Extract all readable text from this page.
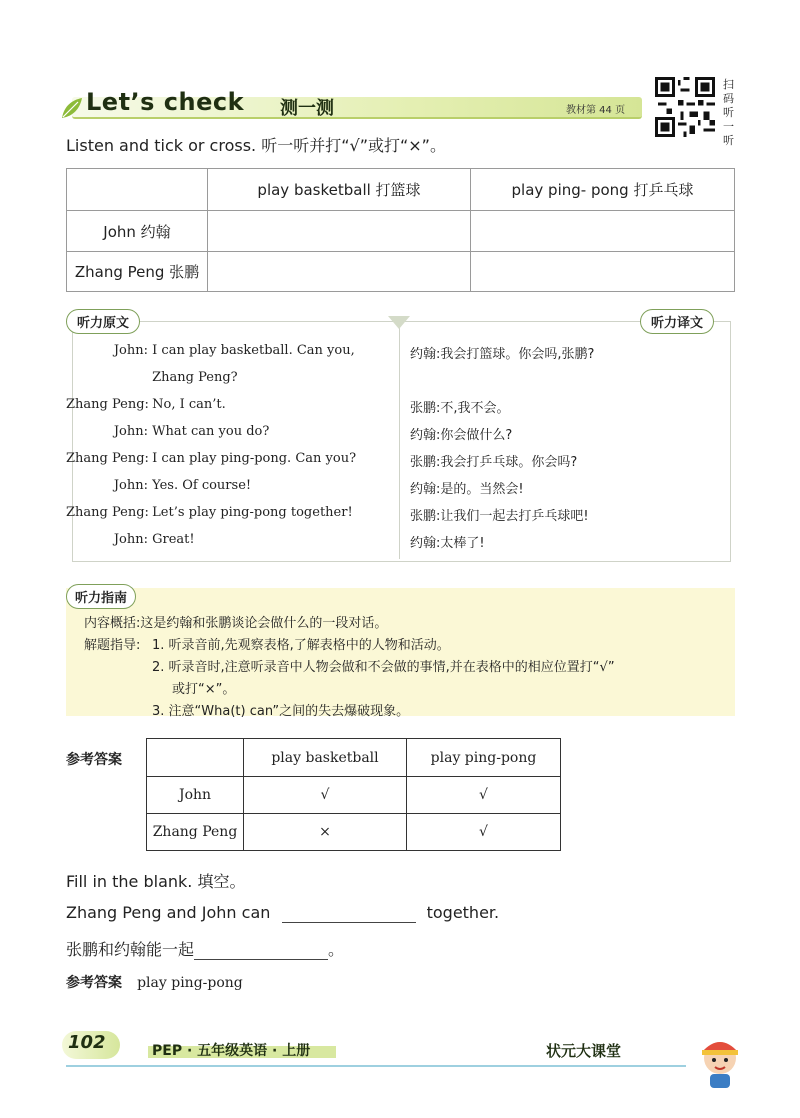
Let’s check 测一测	教材第 44 页
扫码听一听
Listen and tick or cross. 听一听并打“√”或打“×”。
	play basketball 打篮球	play ping- pong 打乒乓球
John 约翰		
Zhang Peng 张鹏		
听力原文	听力译文
John: I can play basketball. Can you,
Zhang Peng?
Zhang Peng: No, I can’t.
John: What can you do?
Zhang Peng: I can play ping-pong. Can you?
John: Yes. Of course!
Zhang Peng: Let’s play ping-pong together!
John: Great!
约翰:我会打篮球。你会吗,张鹏?
张鹏:不,我不会。
约翰:你会做什么?
张鹏:我会打乒乓球。你会吗?
约翰:是的。当然会!
张鹏:让我们一起去打乒乓球吧!
约翰:太棒了!
听力指南
内容概括:这是约翰和张鹏谈论会做什么的一段对话。
解题指导: 1. 听录音前,先观察表格,了解表格中的人物和活动。
2. 听录音时,注意听录音中人物会做和不会做的事情,并在表格中的相应位置打“√”
或打“×”。
3. 注意“Wha(t) can”之间的失去爆破现象。
参考答案
		play basketball	play ping-pong
John	√	√
Zhang Peng	×	√
Fill in the blank. 填空。
Zhang Peng and John can	together.
张鹏和约翰能一起	。
参考答案 play ping-pong
102	PEP · 五年级英语 · 上册	状元大课堂
